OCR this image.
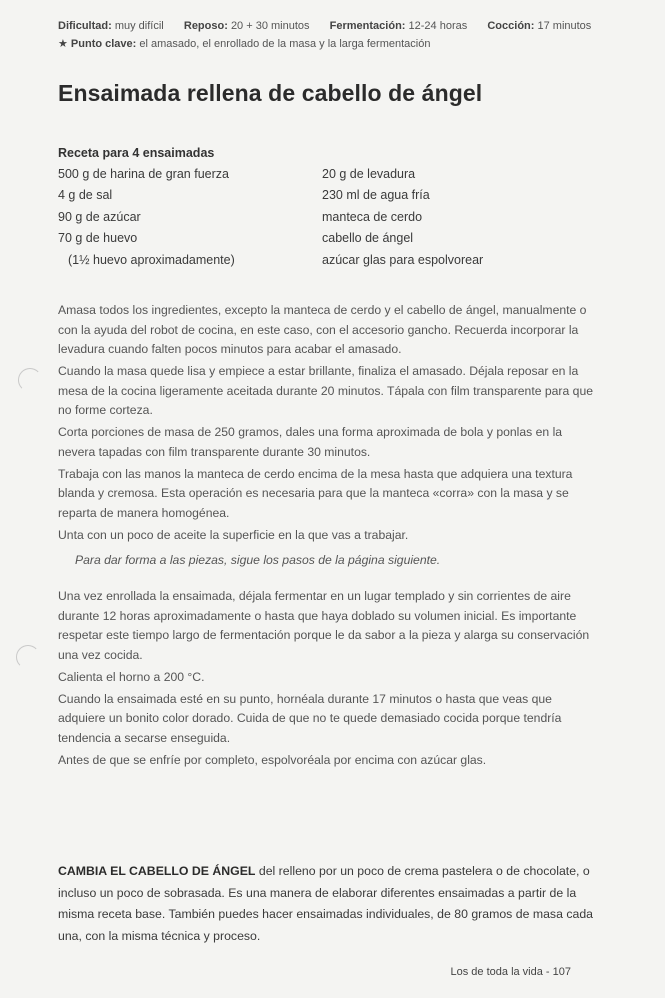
Dificultad: muy difícil Reposo: 20 + 30 minutos Fermentación: 12-24 horas Cocción: 17 minutos
★ Punto clave: el amasado, el enrollado de la masa y la larga fermentación
Ensaimada rellena de cabello de ángel
Receta para 4 ensaimadas
500 g de harina de gran fuerza
4 g de sal
90 g de azúcar
70 g de huevo
(1½ huevo aproximadamente)
20 g de levadura
230 ml de agua fría
manteca de cerdo
cabello de ángel
azúcar glas para espolvorear

Amasa todos los ingredientes, excepto la manteca de cerdo y el cabello de ángel, manualmente o con la ayuda del robot de cocina, en este caso, con el accesorio gancho. Recuerda incorporar la levadura cuando falten pocos minutos para acabar el amasado.

Cuando la masa quede lisa y empiece a estar brillante, finaliza el amasado. Déjala reposar en la mesa de la cocina ligeramente aceitada durante 20 minutos. Tápala con film transparente para que no forme corteza.

Corta porciones de masa de 250 gramos, dales una forma aproximada de bola y ponlas en la nevera tapadas con film transparente durante 30 minutos.

Trabaja con las manos la manteca de cerdo encima de la mesa hasta que adquiera una textura blanda y cremosa. Esta operación es necesaria para que la manteca «corra» con la masa y se reparta de manera homogénea.

Unta con un poco de aceite la superficie en la que vas a trabajar.

Para dar forma a las piezas, sigue los pasos de la página siguiente.

Una vez enrollada la ensaimada, déjala fermentar en un lugar templado y sin corrientes de aire durante 12 horas aproximadamente o hasta que haya doblado su volumen inicial. Es importante respetar este tiempo largo de fermentación porque le da sabor a la pieza y alarga su conservación una vez cocida.

Calienta el horno a 200 °C.

Cuando la ensaimada esté en su punto, hornéala durante 17 minutos o hasta que veas que adquiere un bonito color dorado. Cuida de que no te quede demasiado cocida porque tendría tendencia a secarse enseguida.

Antes de que se enfríe por completo, espolvoréala por encima con azúcar glas.

CAMBIA EL CABELLO DE ÁNGEL del relleno por un poco de crema pastelera o de chocolate, o incluso un poco de sobrasada. Es una manera de elaborar diferentes ensaimadas a partir de la misma receta base. También puedes hacer ensaimadas individuales, de 80 gramos de masa cada una, con la misma técnica y proceso.
Los de toda la vida - 107
